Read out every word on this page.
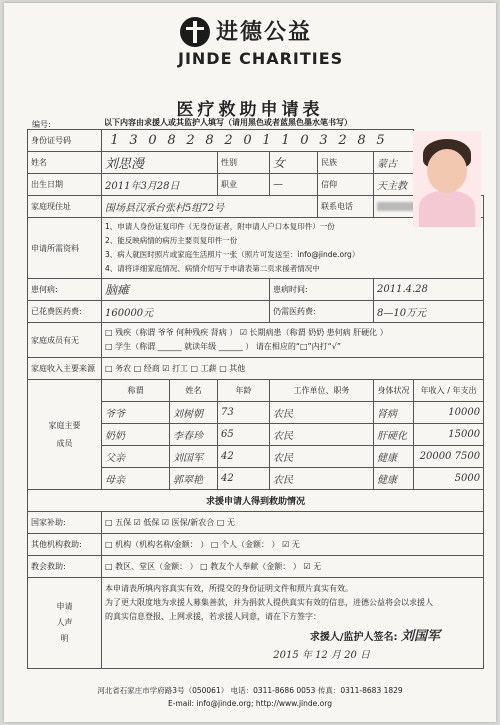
进德公益
JINDE CHARITIES
医疗救助申请表
编号:	以下内容由求援人或其监护人填写（请用黑色或者蓝黑色墨水笔书写）
身份证号码	1 3 0 8 2 8 2 0 1 1 0 3 2 8 5						
姓名	刘思漫		性别	女	民族	蒙古	
出生日期	2011年3月28日		职业	—	信仰	天主教	
家庭现住址	围场县汉承台张村5组72号				联系电话		
申请所需资料	1、申请人身份证复印件（无身份证者，附申请人户口本复印件）一份
2、能反映病情的病历主要页复印件一份
3、病人就医时照片或家庭生活照片一张（照片可发送至：info@jinde.org）
4、请将详细家庭情况、病情介绍写于申请表第二页求援者情况中						

患何病:	脑瘫			患病时间:		2011.4.28	
已花费医药费:	160000元			仍需医药费:		8—10万元	
家庭成员有无	□ 残疾（称谓 爷爷 何种残疾 肾病 ） ☑ 长期病患（称谓 奶奶 患何病 肝硬化 ）
□ 学生（称谓 ______ 就读年级 ______ ） 请在相应的“□”内打“√”						

家庭收入主要来源	□ 务农 □ 经商 ☑ 打工 □ 工薪 □ 其他						
家庭主要成员	称谓	姓名	年龄	工作单位、职务		身体状况	年收入 / 年支出
	爷爷	刘树朝	73	农民		肾病	10000
	奶奶	李春珍	65	农民		肝硬化	15000
	父亲	刘国军	42	农民		健康	20000 7500
	母亲	郭翠艳	42	农民		健康	5000
求援申请人得到救助情况							
国家补助:	□ 五保 ☑ 低保 ☑ 医保/新农合 □ 无						
其他机构救助:	□ 机构（机构名称/金额： ） □ 个人（金额： ） ☑ 无						
教会救助:	□ 教区、堂区（金额： ） □ 教友个人奉献（金额： ） ☑ 无						
申请人声明	本申请表所填内容真实有效，所提交的身份证明文件和照片真实有效。
为了更大限度地为求援人募集善款，并为捐款人提供真实有效的信息，进德公益将会以求援人
的真实信息登报、上网求援，若求援人同意，请在下方签字：
求援人/监护人签名: 刘国军
2015 年 12 月 20 日						
河北省石家庄市学府路3号（050061） 电话：0311-8686 0053 传真：0311-8683 1829
E-mail: info@jinde.org; http://www.jinde.org
